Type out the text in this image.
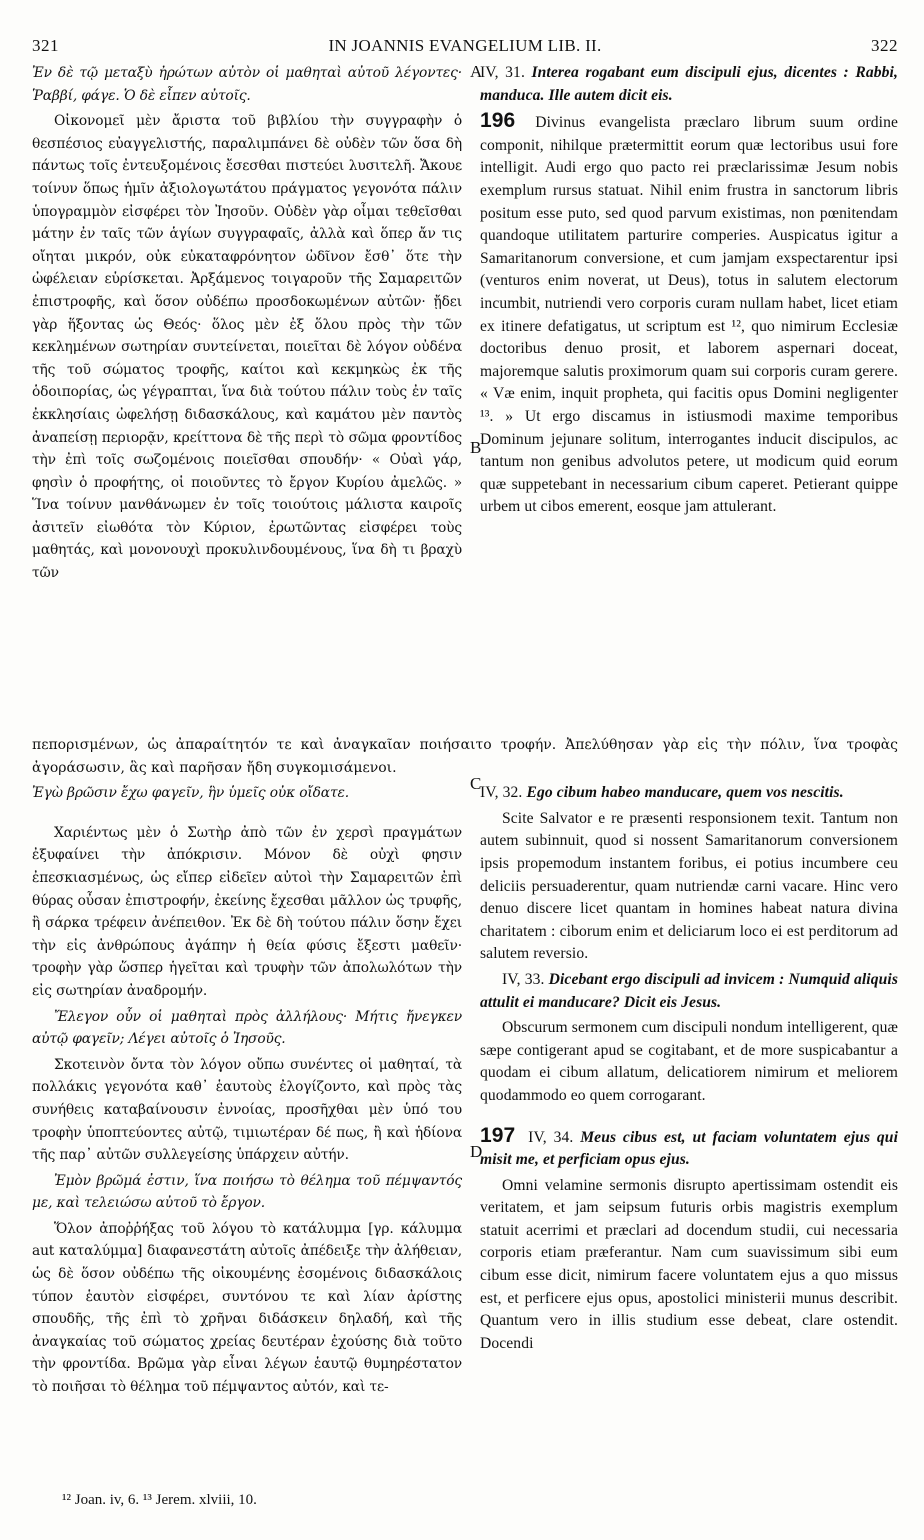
321	IN JOANNIS EVANGELIUM LIB. II.	322
A
B
C
D

Ἐν δὲ τῷ μεταξὺ ἠρώτων αὐτὸν οἱ μαθηταὶ αὐτοῦ λέγοντες· Ῥαββί, φάγε. Ὁ δὲ εἶπεν αὐτοῖς.

Οἰκονομεῖ μὲν ἄριστα τοῦ βιβλίου τὴν συγγραφὴν ὁ θεσπέσιος εὐαγγελιστής, παραλιμπάνει δὲ οὐδὲν τῶν ὅσα δὴ πάντως τοῖς ἐντευξομένοις ἔσεσθαι πιστεύει λυσιτελῆ. Ἄκουε τοίνυν ὅπως ἡμῖν ἀξιολογωτάτου πράγματος γεγονότα πάλιν ὑπογραμμὸν εἰσφέρει τὸν Ἰησοῦν. Οὐδὲν γὰρ οἶμαι τεθεῖσθαι μάτην ἐν ταῖς τῶν ἁγίων συγγραφαῖς, ἀλλὰ καὶ ὅπερ ἄν τις οἴηται μικρόν, οὐκ εὐκαταφρόνητον ὠδῖνον ἔσθ᾽ ὅτε τὴν ὠφέλειαν εὑρίσκεται. Ἀρξάμενος τοιγαροῦν τῆς Σαμαρειτῶν ἐπιστροφῆς, καὶ ὅσον οὐδέπω προσδοκωμένων αὐτῶν· ᾔδει γὰρ ἥξοντας ὡς Θεός· ὅλος μὲν ἐξ ὅλου πρὸς τὴν τῶν κεκλημένων σωτηρίαν συντείνεται, ποιεῖται δὲ λόγον οὐδένα τῆς τοῦ σώματος τροφῆς, καίτοι καὶ κεκμηκὼς ἐκ τῆς ὁδοιπορίας, ὡς γέγραπται, ἵνα διὰ τούτου πάλιν τοὺς ἐν ταῖς ἐκκλησίαις ὠφελήσῃ διδασκάλους, καὶ καμάτου μὲν παντὸς ἀναπείσῃ περιορᾷν, κρείττονα δὲ τῆς περὶ τὸ σῶμα φροντίδος τὴν ἐπὶ τοῖς σωζομένοις ποιεῖσθαι σπουδήν· « Οὐαὶ γάρ, φησὶν ὁ προφήτης, οἱ ποιοῦντες τὸ ἔργον Κυρίου ἀμελῶς. » Ἵνα τοίνυν μανθάνωμεν ἐν τοῖς τοιούτοις μάλιστα καιροῖς ἀσιτεῖν εἰωθότα τὸν Κύριον, ἐρωτῶντας εἰσφέρει τοὺς μαθητάς, καὶ μονονουχὶ προκυλινδουμένους, ἵνα δὴ τι βραχὺ τῶν

IV, 31. Interea rogabant eum discipuli ejus, dicentes : Rabbi, manduca. Ille autem dicit eis.

196 Divinus evangelista præclaro librum suum ordine componit, nihilque prætermittit eorum quæ lectoribus usui fore intelligit. Audi ergo quo pacto rei præclarissimæ Jesum nobis exemplum rursus statuat. Nihil enim frustra in sanctorum libris positum esse puto, sed quod parvum existimas, non pœnitendam quandoque utilitatem parturire comperies. Auspicatus igitur a Samaritanorum conversione, et cum jamjam exspectarentur ipsi (venturos enim noverat, ut Deus), totus in salutem electorum incumbit, nutriendi vero corporis curam nullam habet, licet etiam ex itinere defatigatus, ut scriptum est ¹², quo nimirum Ecclesiæ doctoribus denuo prosit, et laborem aspernari doceat, majoremque salutis proximorum quam sui corporis curam gerere. « Væ enim, inquit propheta, qui facitis opus Domini negligenter ¹³. » Ut ergo discamus in istiusmodi maxime temporibus Dominum jejunare solitum, interrogantes inducit discipulos, ac tantum non genibus advolutos petere, ut modicum quid eorum quæ suppetebant in necessarium cibum caperet. Petierant quippe urbem ut cibos emerent, eosque jam attulerant.

πεπορισμένων, ὡς ἀπαραίτητόν τε καὶ ἀναγκαῖαν ποιήσαιτο τροφήν. Ἀπελύθησαν γὰρ εἰς τὴν πόλιν, ἵνα τροφὰς ἀγοράσωσιν, ἃς καὶ παρῆσαν ἤδη συγκομισάμενοι.

Ἐγὼ βρῶσιν ἔχω φαγεῖν, ἣν ὑμεῖς οὐκ οἴδατε.

Χαριέντως μὲν ὁ Σωτὴρ ἀπὸ τῶν ἐν χερσὶ πραγμάτων ἐξυφαίνει τὴν ἀπόκρισιν. Μόνον δὲ οὐχὶ φησιν ἐπεσκιασμένως, ὡς εἴπερ εἰδεῖεν αὐτοὶ τὴν Σαμαρειτῶν ἐπὶ θύρας οὖσαν ἐπιστροφήν, ἐκείνης ἔχεσθαι μᾶλλον ὡς τρυφῆς, ἢ σάρκα τρέφειν ἀνέπειθον. Ἐκ δὲ δὴ τούτου πάλιν ὅσην ἔχει τὴν εἰς ἀνθρώπους ἀγάπην ἡ θεία φύσις ἔξεστι μαθεῖν· τροφὴν γὰρ ὥσπερ ἡγεῖται καὶ τρυφὴν τῶν ἀπολωλότων τὴν εἰς σωτηρίαν ἀναδρομήν.

Ἔλεγον οὖν οἱ μαθηταὶ πρὸς ἀλλήλους· Μήτις ἤνεγκεν αὐτῷ φαγεῖν; Λέγει αὐτοῖς ὁ Ἰησοῦς.

Σκοτεινὸν ὄντα τὸν λόγον οὔπω συνέντες οἱ μαθηταί, τὰ πολλάκις γεγονότα καθ᾽ ἑαυτοὺς ἐλογίζοντο, καὶ πρὸς τὰς συνήθεις καταβαίνουσιν ἐννοίας, προσῆχθαι μὲν ὑπό του τροφὴν ὑποπτεύοντες αὐτῷ, τιμιωτέραν δέ πως, ἢ καὶ ἡδίονα τῆς παρ᾽ αὐτῶν συλλεγείσης ὑπάρχειν αὐτήν.

Ἐμὸν βρῶμά ἐστιν, ἵνα ποιήσω τὸ θέλημα τοῦ πέμψαντός με, καὶ τελειώσω αὐτοῦ τὸ ἔργον.

Ὅλον ἀποῤῥήξας τοῦ λόγου τὸ κατάλυμμα [γρ. κάλυμμα aut καταλύμμα] διαφανεστάτη αὐτοῖς ἀπέδειξε τὴν ἀλήθειαν, ὡς δὲ ὅσον οὐδέπω τῆς οἰκουμένης ἐσομένοις διδασκάλοις τύπον ἑαυτὸν εἰσφέρει, συντόνου τε καὶ λίαν ἀρίστης σπουδῆς, τῆς ἐπὶ τὸ χρῆναι διδάσκειν δηλαδή, καὶ τῆς ἀναγκαίας τοῦ σώματος χρείας δευτέραν ἐχούσης διὰ τοῦτο τὴν φροντίδα. Βρῶμα γὰρ εἶναι λέγων ἑαυτῷ θυμηρέστατον τὸ ποιῆσαι τὸ θέλημα τοῦ πέμψαντος αὐτόν, καὶ τε-

IV, 32. Ego cibum habeo manducare, quem vos nescitis.

Scite Salvator e re præsenti responsionem texit. Tantum non autem subinnuit, quod si nossent Samaritanorum conversionem ipsis propemodum instantem foribus, ei potius incumbere ceu deliciis persuaderentur, quam nutriendæ carni vacare. Hinc vero denuo discere licet quantam in homines habeat natura divina charitatem : ciborum enim et deliciarum loco ei est perditorum ad salutem reversio.

IV, 33. Dicebant ergo discipuli ad invicem : Numquid aliquis attulit ei manducare? Dicit eis Jesus.

Obscurum sermonem cum discipuli nondum intelligerent, quæ sæpe contigerant apud se cogitabant, et de more suspicabantur a quodam ei cibum allatum, delicatiorem nimirum et meliorem quodammodo eo quem corrogarant.

197 IV, 34. Meus cibus est, ut faciam voluntatem ejus qui misit me, et perficiam opus ejus.

Omni velamine sermonis disrupto apertissimam ostendit eis veritatem, et jam seipsum futuris orbis magistris exemplum statuit acerrimi et præclari ad docendum studii, cui necessaria corporis etiam præferantur. Nam cum suavissimum sibi eum cibum esse dicit, nimirum facere voluntatem ejus a quo missus est, et perficere ejus opus, apostolici ministerii munus describit. Quantum vero in illis studium esse debeat, clare ostendit. Docendi

¹² Joan. iv, 6. ¹³ Jerem. xlviii, 10.
